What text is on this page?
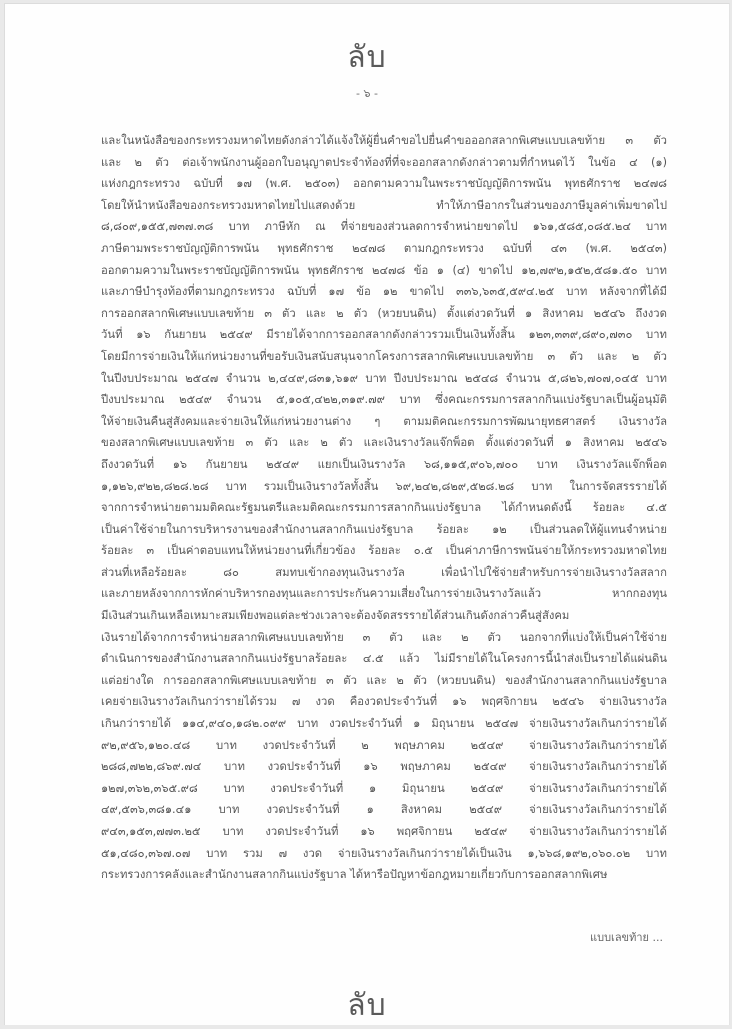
ลับ
- ๖ -
และในหนังสือของกระทรวงมหาดไทยดังกล่าวได้แจ้งให้ผู้ยื่นคำขอไปยื่นคำขอออกสลากพิเศษแบบเลขท้าย ๓ ตัว
และ ๒ ตัว ต่อเจ้าพนักงานผู้ออกใบอนุญาตประจำท้องที่ที่จะออกสลากดังกล่าวตามที่กำหนดไว้ ในข้อ ๔ (๑)
แห่งกฎกระทรวง ฉบับที่ ๑๗ (พ.ศ. ๒๕๐๓) ออกตามความในพระราชบัญญัติการพนัน พุทธศักราช ๒๔๗๘
โดยให้นำหนังสือของกระทรวงมหาดไทยไปแสดงด้วย ทำให้ภาษีอากรในส่วนของภาษีมูลค่าเพิ่มขาดไป
๘,๘๐๙,๑๕๕,๗๓๗.๓๘ บาท ภาษีหัก ณ ที่จ่ายของส่วนลดการจำหน่ายขาดไป ๑๖๑,๕๘๕,๐๘๕.๒๔ บาท
ภาษีตามพระราชบัญญัติการพนัน พุทธศักราช ๒๔๗๘ ตามกฎกระทรวง ฉบับที่ ๔๓ (พ.ศ. ๒๕๔๓)
ออกตามความในพระราชบัญญัติการพนัน พุทธศักราช ๒๔๗๘ ข้อ ๑ (๔) ขาดไป ๑๒,๗๙๒,๑๕๒,๕๘๑.๕๐ บาท
และภาษีบำรุงท้องที่ตามกฎกระทรวง ฉบับที่ ๑๗ ข้อ ๑๒ ขาดไป ๓๓๖,๖๓๕,๕๙๔.๒๕ บาท หลังจากที่ได้มี
การออกสลากพิเศษแบบเลขท้าย ๓ ตัว และ ๒ ตัว (หวยบนดิน) ตั้งแต่งวดวันที่ ๑ สิงหาคม ๒๕๔๖ ถึงงวด
วันที่ ๑๖ กันยายน ๒๕๔๙ มีรายได้จากการออกสลากดังกล่าวรวมเป็นเงินทั้งสิ้น ๑๒๓,๓๓๙,๘๙๐,๗๓๐ บาท
โดยมีการจ่ายเงินให้แก่หน่วยงานที่ขอรับเงินสนับสนุนจากโครงการสลากพิเศษแบบเลขท้าย ๓ ตัว และ ๒ ตัว
ในปีงบประมาณ ๒๕๔๗ จำนวน ๒,๔๔๙,๘๓๑,๖๑๙ บาท ปีงบประมาณ ๒๕๔๘ จำนวน ๕,๘๒๖,๗๐๗,๐๔๕ บาท
ปีงบประมาณ ๒๕๔๙ จำนวน ๕,๑๐๕,๔๒๒,๓๑๙.๗๙ บาท ซึ่งคณะกรรมการสลากกินแบ่งรัฐบาลเป็นผู้อนุมัติ
ให้จ่ายเงินคืนสู่สังคมและจ่ายเงินให้แก่หน่วยงานต่าง ๆ ตามมติคณะกรรมการพัฒนายุทธศาสตร์ เงินรางวัล
ของสลากพิเศษแบบเลขท้าย ๓ ตัว และ ๒ ตัว และเงินรางวัลแจ๊กพ็อต ตั้งแต่งวดวันที่ ๑ สิงหาคม ๒๕๔๖
ถึงงวดวันที่ ๑๖ กันยายน ๒๕๔๙ แยกเป็นเงินรางวัล ๖๘,๑๑๕,๙๐๖,๗๐๐ บาท เงินรางวัลแจ๊กพ็อต
๑,๑๒๖,๙๒๒,๘๒๘.๒๘ บาท รวมเป็นเงินรางวัลทั้งสิ้น ๖๙,๒๔๒,๘๒๙,๕๒๘.๒๘ บาท ในการจัดสรรรายได้
จากการจำหน่ายตามมติคณะรัฐมนตรีและมติคณะกรรมการสลากกินแบ่งรัฐบาล ได้กำหนดดังนี้ ร้อยละ ๔.๕
เป็นค่าใช้จ่ายในการบริหารงานของสำนักงานสลากกินแบ่งรัฐบาล ร้อยละ ๑๒ เป็นส่วนลดให้ผู้แทนจำหน่าย
ร้อยละ ๓ เป็นค่าตอบแทนให้หน่วยงานที่เกี่ยวข้อง ร้อยละ ๐.๕ เป็นค่าภาษีการพนันจ่ายให้กระทรวงมหาดไทย
ส่วนที่เหลือร้อยละ ๘๐ สมทบเข้ากองทุนเงินรางวัล เพื่อนำไปใช้จ่ายสำหรับการจ่ายเงินรางวัลสลาก
และภายหลังจากการหักค่าบริหารกองทุนและการประกันความเสี่ยงในการจ่ายเงินรางวัลแล้ว หากกองทุน
มีเงินส่วนเกินเหลือเหมาะสมเพียงพอแต่ละช่วงเวลาจะต้องจัดสรรรายได้ส่วนเกินดังกล่าวคืนสู่สังคม
เงินรายได้จากการจำหน่ายสลากพิเศษแบบเลขท้าย ๓ ตัว และ ๒ ตัว นอกจากที่แบ่งให้เป็นค่าใช้จ่าย
ดำเนินการของสำนักงานสลากกินแบ่งรัฐบาลร้อยละ ๔.๕ แล้ว ไม่มีรายได้ในโครงการนี้นำส่งเป็นรายได้แผ่นดิน
แต่อย่างใด การออกสลากพิเศษแบบเลขท้าย ๓ ตัว และ ๒ ตัว (หวยบนดิน) ของสำนักงานสลากกินแบ่งรัฐบาล
เคยจ่ายเงินรางวัลเกินกว่ารายได้รวม ๗ งวด คืองวดประจำวันที่ ๑๖ พฤศจิกายน ๒๕๔๖ จ่ายเงินรางวัล
เกินกว่ารายได้ ๑๑๔,๙๔๐,๑๘๒.๐๙๙ บาท งวดประจำวันที่ ๑ มิถุนายน ๒๕๔๗ จ่ายเงินรางวัลเกินกว่ารายได้
๙๒,๙๕๖,๑๒๐.๔๘ บาท งวดประจำวันที่ ๒ พฤษภาคม ๒๕๔๙ จ่ายเงินรางวัลเกินกว่ารายได้
๒๘๘,๗๒๒,๘๖๙.๗๔ บาท งวดประจำวันที่ ๑๖ พฤษภาคม ๒๕๔๙ จ่ายเงินรางวัลเกินกว่ารายได้
๑๒๗,๓๖๒,๓๖๕.๙๘ บาท งวดประจำวันที่ ๑ มิถุนายน ๒๕๔๙ จ่ายเงินรางวัลเกินกว่ารายได้
๔๙,๕๓๖,๓๘๑.๔๑ บาท งวดประจำวันที่ ๑ สิงหาคม ๒๕๔๙ จ่ายเงินรางวัลเกินกว่ารายได้
๙๔๓,๑๕๓,๗๗๓.๒๕ บาท งวดประจำวันที่ ๑๖ พฤศจิกายน ๒๕๔๙ จ่ายเงินรางวัลเกินกว่ารายได้
๕๑,๔๘๐,๓๖๗.๐๗ บาท รวม ๗ งวด จ่ายเงินรางวัลเกินกว่ารายได้เป็นเงิน ๑,๖๖๘,๑๙๒,๐๖๐.๐๒ บาท
กระทรวงการคลังและสำนักงานสลากกินแบ่งรัฐบาล ได้หารือปัญหาข้อกฎหมายเกี่ยวกับการออกสลากพิเศษ
แบบเลขท้าย ...
ลับ
